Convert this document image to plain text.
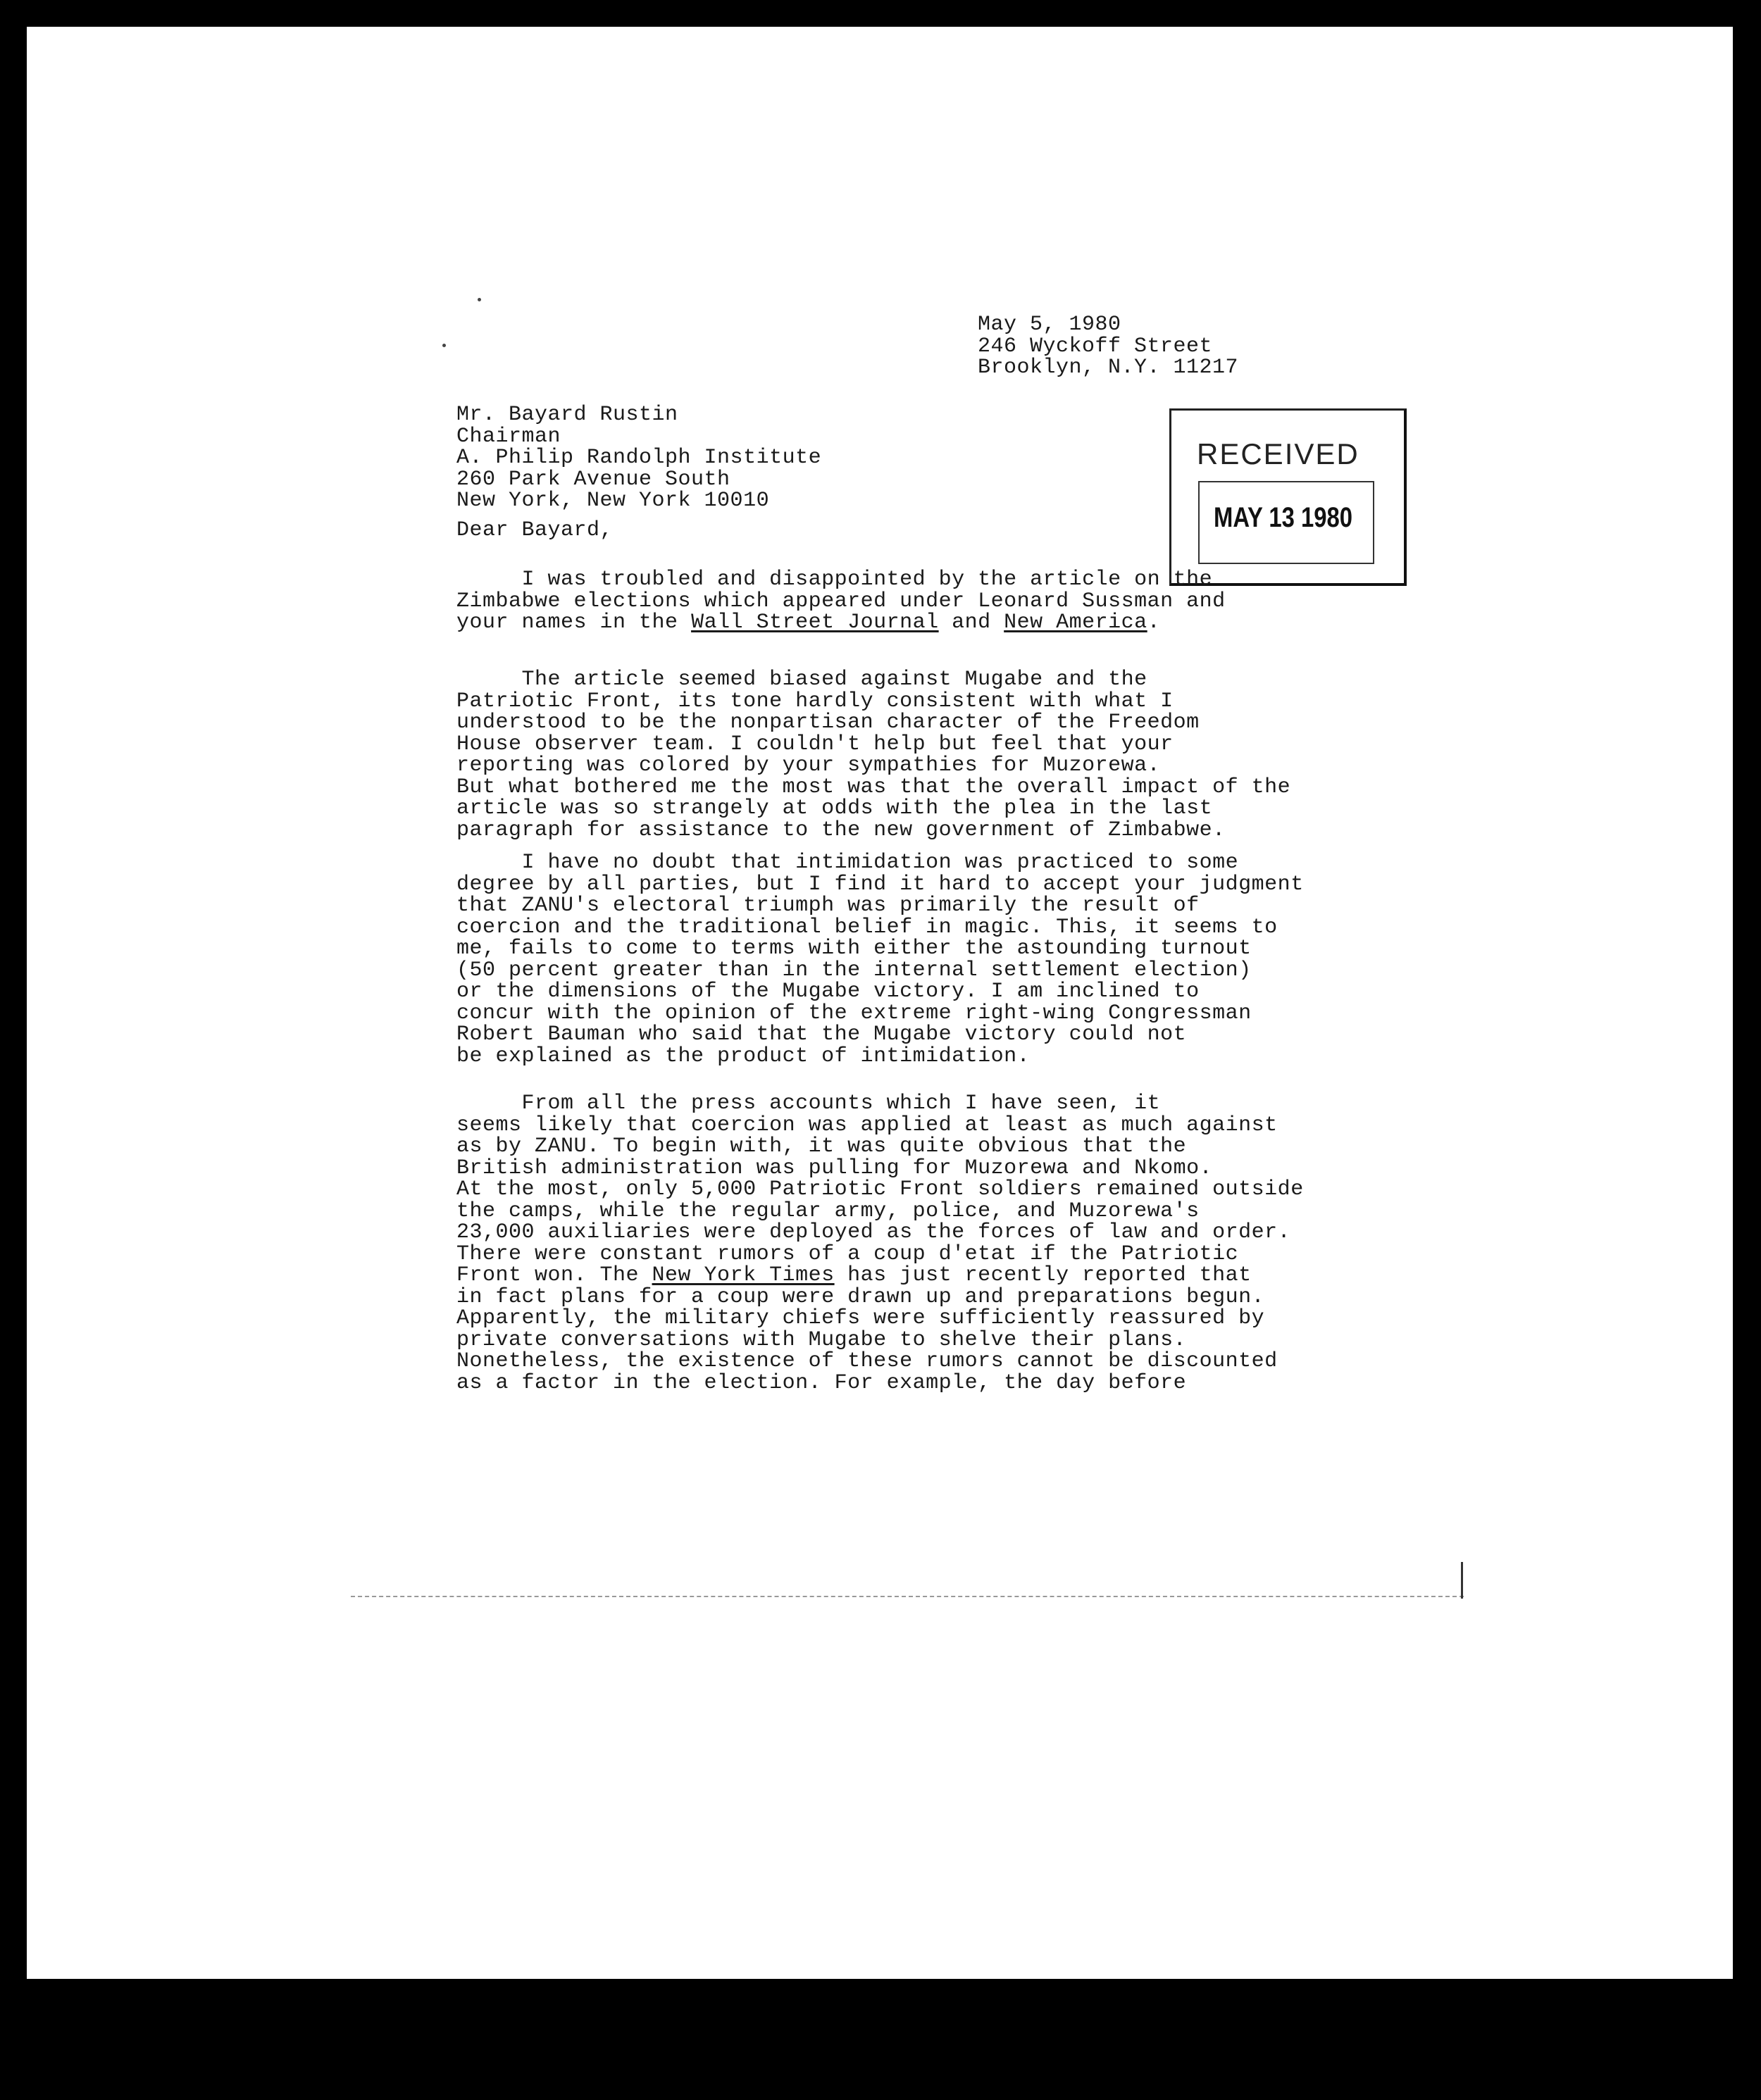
May 5, 1980
246 Wyckoff Street
Brooklyn, N.Y. 11217
Mr. Bayard Rustin
Chairman
A. Philip Randolph Institute
260 Park Avenue South
New York, New York 10010
RECEIVED
MAY 13 1980
Dear Bayard,
I was troubled and disappointed by the article on the
Zimbabwe elections which appeared under Leonard Sussman and
your names in the Wall Street Journal and New America.
The article seemed biased against Mugabe and the
Patriotic Front, its tone hardly consistent with what I
understood to be the nonpartisan character of the Freedom
House observer team. I couldn't help but feel that your
reporting was colored by your sympathies for Muzorewa.
But what bothered me the most was that the overall impact of the
article was so strangely at odds with the plea in the last
paragraph for assistance to the new government of Zimbabwe.
I have no doubt that intimidation was practiced to some
degree by all parties, but I find it hard to accept your judgment
that ZANU's electoral triumph was primarily the result of
coercion and the traditional belief in magic. This, it seems to
me, fails to come to terms with either the astounding turnout
(50 percent greater than in the internal settlement election)
or the dimensions of the Mugabe victory. I am inclined to
concur with the opinion of the extreme right-wing Congressman
Robert Bauman who said that the Mugabe victory could not
be explained as the product of intimidation.
From all the press accounts which I have seen, it
seems likely that coercion was applied at least as much against
as by ZANU. To begin with, it was quite obvious that the
British administration was pulling for Muzorewa and Nkomo.
At the most, only 5,000 Patriotic Front soldiers remained outside
the camps, while the regular army, police, and Muzorewa's
23,000 auxiliaries were deployed as the forces of law and order.
There were constant rumors of a coup d'etat if the Patriotic
Front won. The New York Times has just recently reported that
in fact plans for a coup were drawn up and preparations begun.
Apparently, the military chiefs were sufficiently reassured by
private conversations with Mugabe to shelve their plans.
Nonetheless, the existence of these rumors cannot be discounted
as a factor in the election. For example, the day before
